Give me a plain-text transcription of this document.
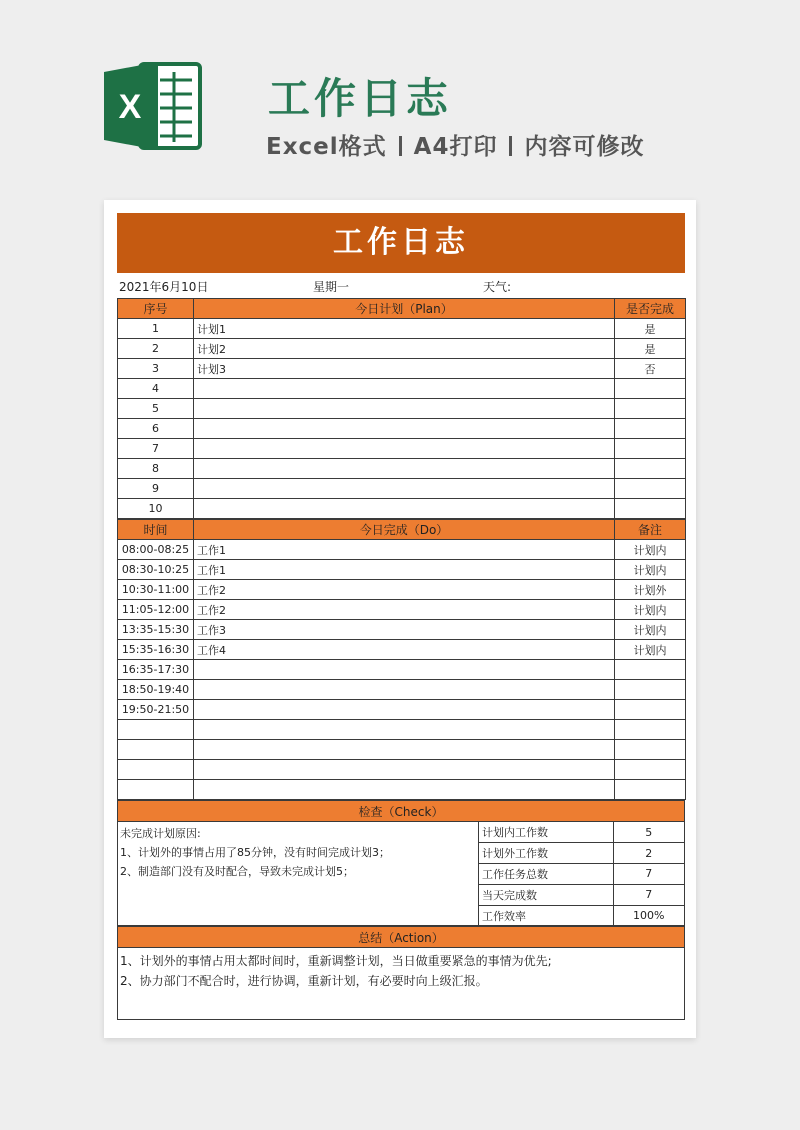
X	工作日志
Excel格式 A4打印 内容可修改
工作日志
2021年6月10日	星期一	天气:
序号	今日计划（Plan）	是否完成
1	计划1	是
2	计划2	是
3	计划3	否
4		
5		
6		
7		
8		
9		
10		
时间	今日完成（Do）	备注
08:00-08:25	工作1	计划内
08:30-10:25	工作1	计划内
10:30-11:00	工作2	计划外
11:05-12:00	工作2	计划内
13:35-15:30	工作3	计划内
15:35-16:30	工作4	计划内
16:35-17:30		
18:50-19:40		
19:50-21:50		

检查（Check）
未完成计划原因:
1、计划外的事情占用了85分钟，没有时间完成计划3；
2、制造部门没有及时配合，导致未完成计划5；
计划内工作数	5
计划外工作数	2
工作任务总数	7
当天完成数	7
工作效率	100%
总结（Action）
1、计划外的事情占用太都时间时，重新调整计划，当日做重要紧急的事情为优先;
2、协力部门不配合时，进行协调，重新计划，有必要时向上级汇报。
